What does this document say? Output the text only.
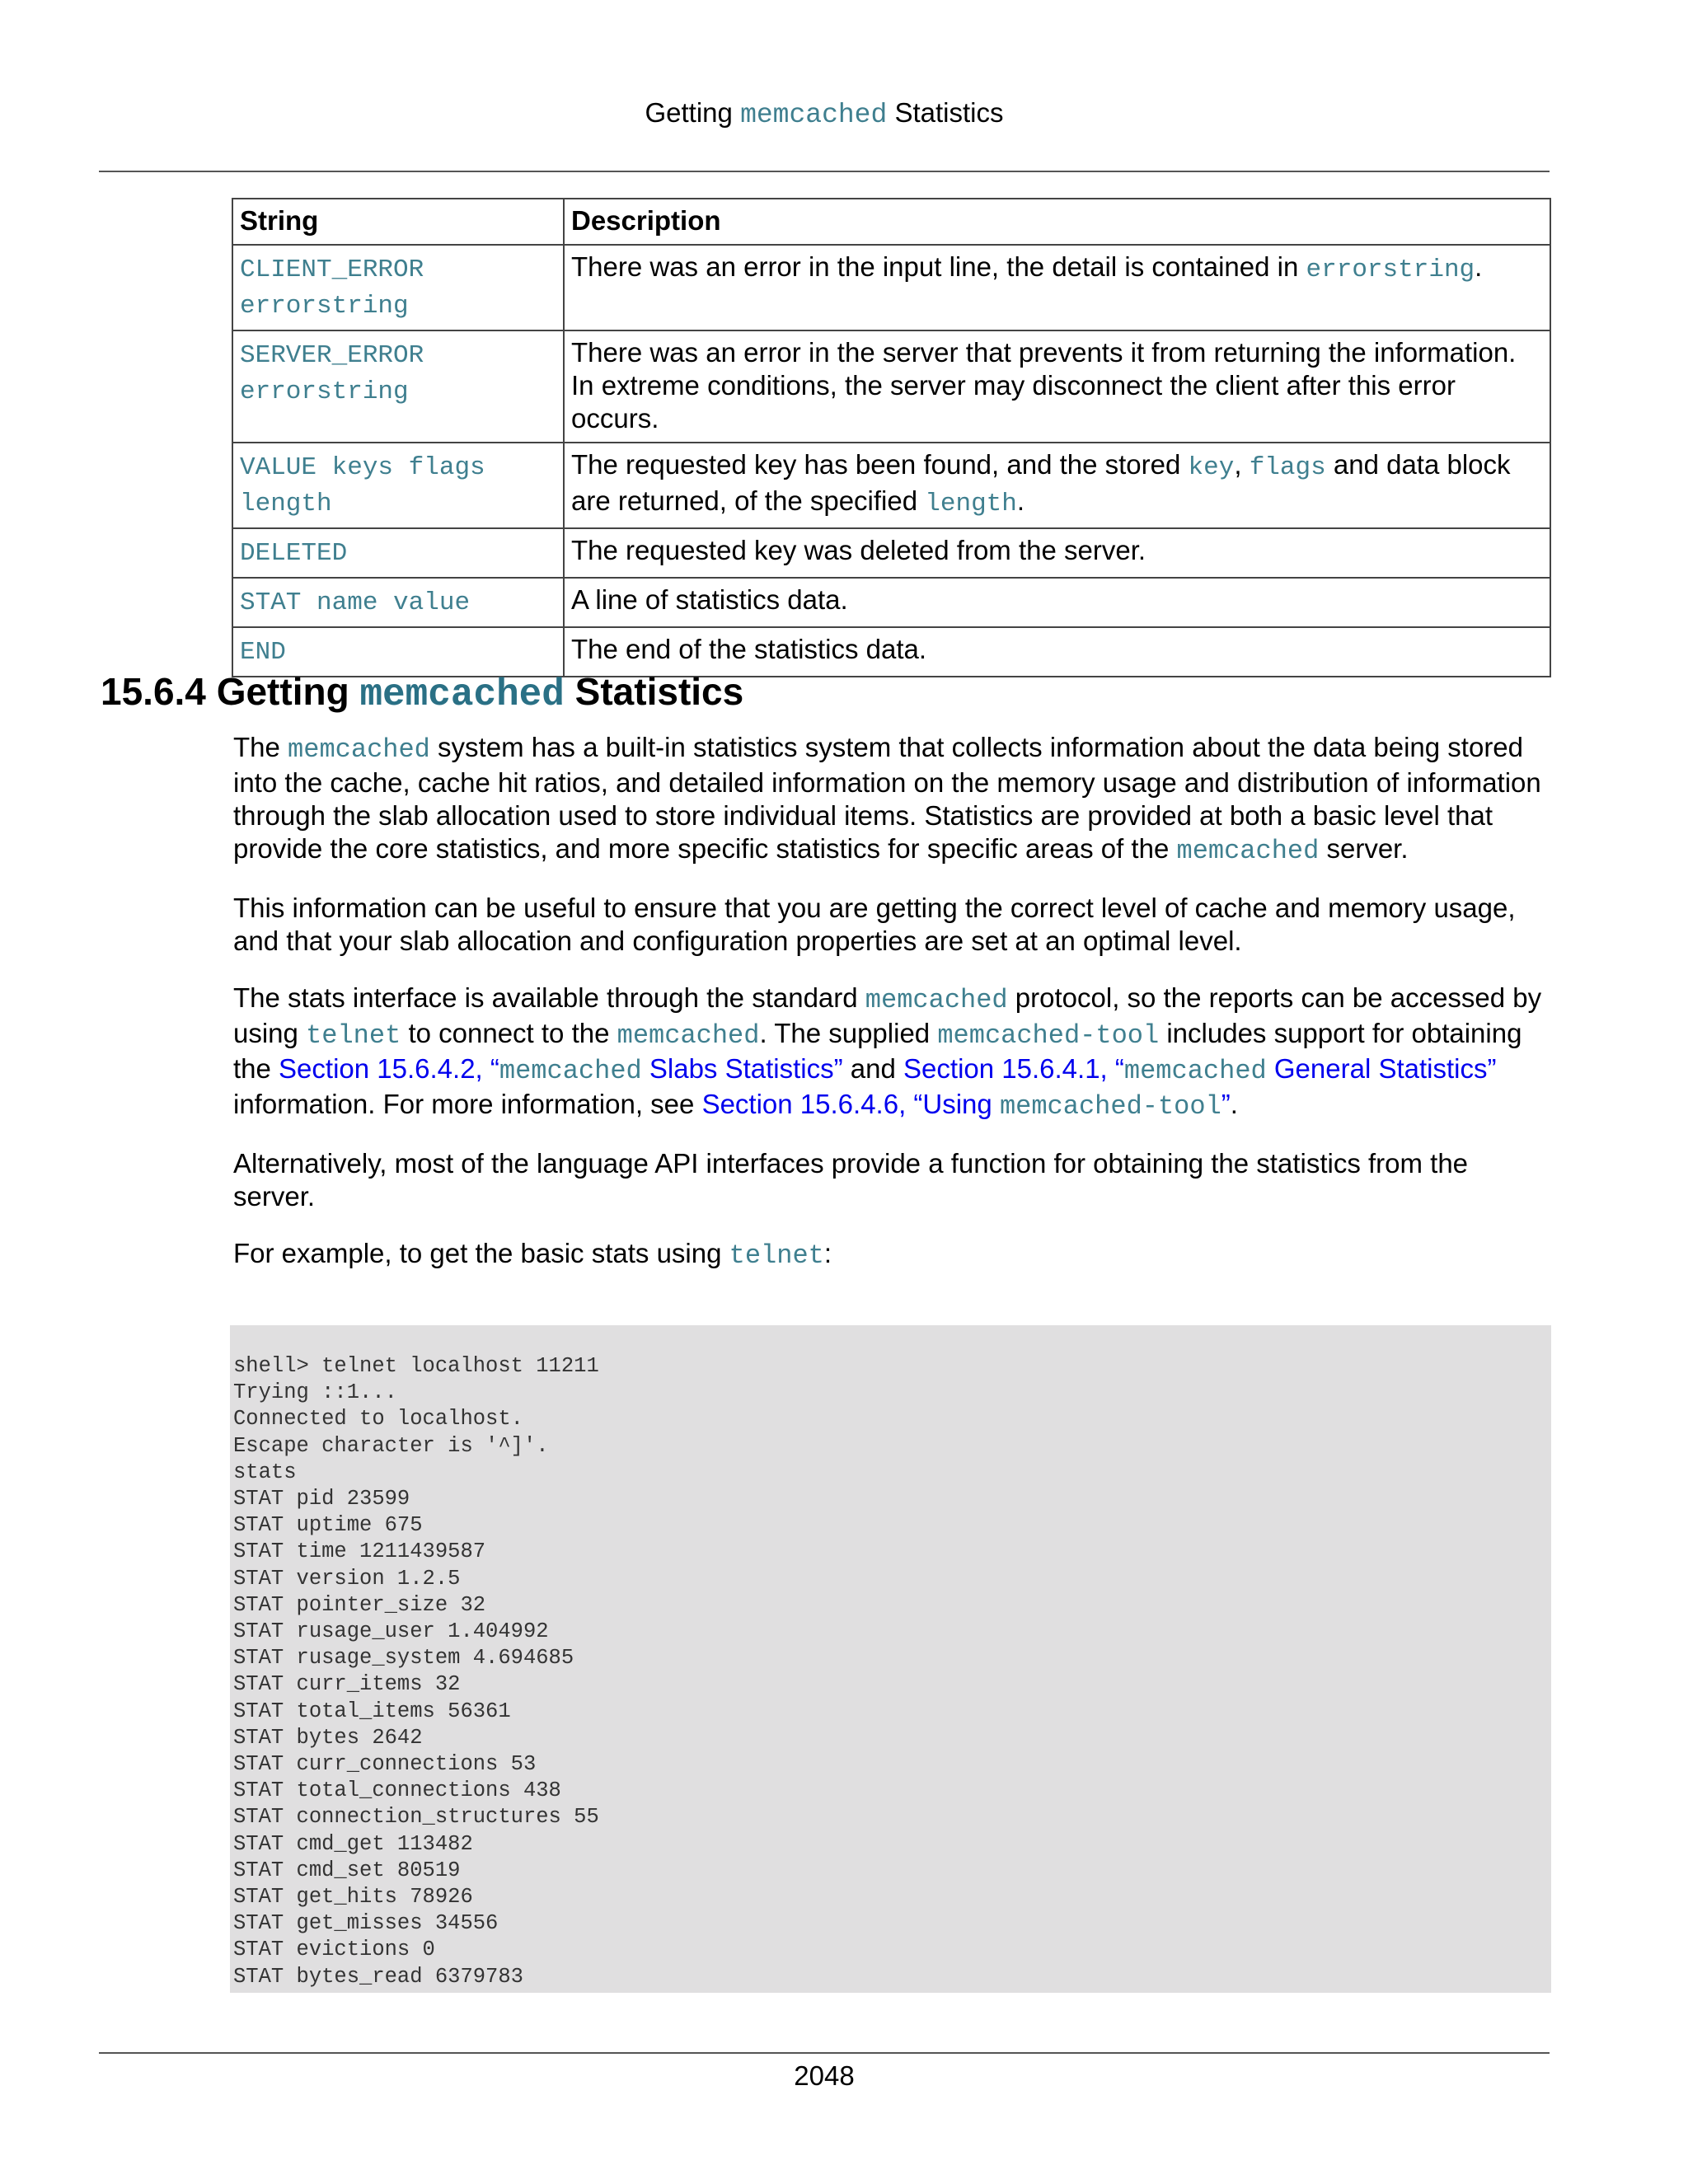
Getting memcached Statistics
String	Description
CLIENT_ERROR
errorstring	There was an error in the input line, the detail is contained in errorstring.
SERVER_ERROR
errorstring	There was an error in the server that prevents it from returning the information. In extreme conditions, the server may disconnect the client after this error occurs.
VALUE keys flags
length	The requested key has been found, and the stored key, flags and data block are returned, of the specified length.
DELETED	The requested key was deleted from the server.
STAT name value	A line of statistics data.
END	The end of the statistics data.
15.6.4 Getting memcached Statistics

The memcached system has a built-in statistics system that collects information about the data being stored into the cache, cache hit ratios, and detailed information on the memory usage and distribution of information through the slab allocation used to store individual items. Statistics are provided at both a basic level that provide the core statistics, and more specific statistics for specific areas of the memcached server.

This information can be useful to ensure that you are getting the correct level of cache and memory usage, and that your slab allocation and configuration properties are set at an optimal level.

The stats interface is available through the standard memcached protocol, so the reports can be accessed by using telnet to connect to the memcached. The supplied memcached-tool includes support for obtaining the Section 15.6.4.2, “memcached Slabs Statistics” and Section 15.6.4.1, “memcached General Statistics” information. For more information, see Section 15.6.4.6, “Using memcached-tool”.

Alternatively, most of the language API interfaces provide a function for obtaining the statistics from the server.

For example, to get the basic stats using telnet:

shell> telnet localhost 11211
Trying ::1...
Connected to localhost.
Escape character is '^]'.
stats
STAT pid 23599
STAT uptime 675
STAT time 1211439587
STAT version 1.2.5
STAT pointer_size 32
STAT rusage_user 1.404992
STAT rusage_system 4.694685
STAT curr_items 32
STAT total_items 56361
STAT bytes 2642
STAT curr_connections 53
STAT total_connections 438
STAT connection_structures 55
STAT cmd_get 113482
STAT cmd_set 80519
STAT get_hits 78926
STAT get_misses 34556
STAT evictions 0
STAT bytes_read 6379783
2048
